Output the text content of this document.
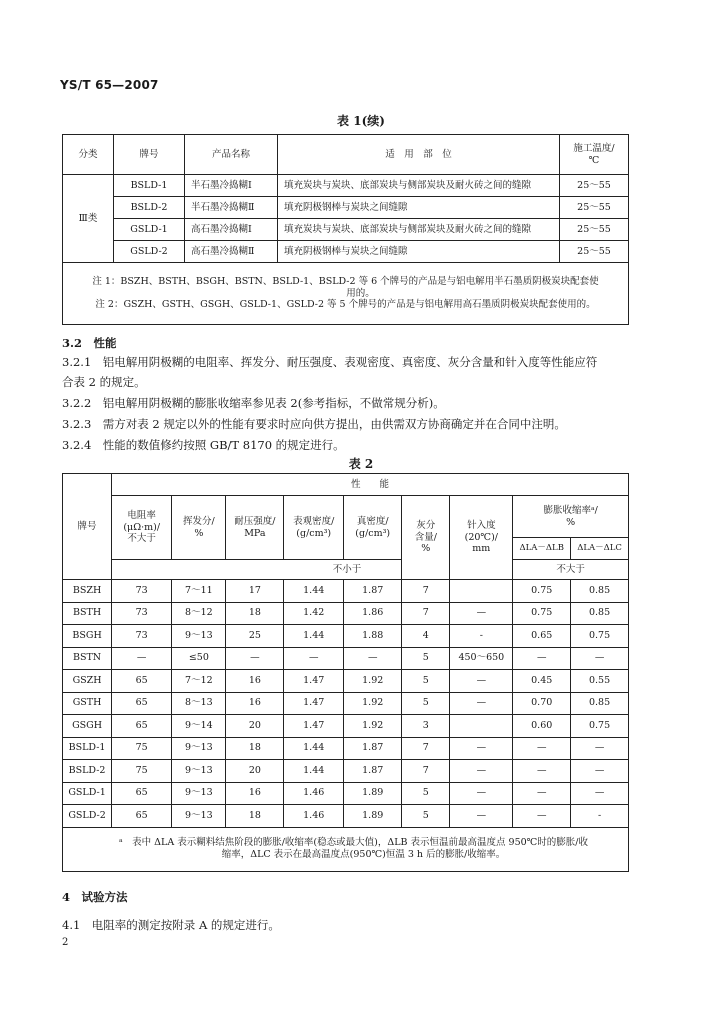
YS/T 65—2007
表 1(续)
分类	牌号	产品名称	适　用　部　位	施工温度/
℃
Ⅲ类	BSLD-1	半石墨冷捣糊Ⅰ	填充炭块与炭块、底部炭块与侧部炭块及耐火砖之间的缝隙	25～55
	BSLD-2	半石墨冷捣糊Ⅱ	填充阴极钢棒与炭块之间缝隙	25～55
	GSLD-1	高石墨冷捣糊Ⅰ	填充炭块与炭块、底部炭块与侧部炭块及耐火砖之间的缝隙	25～55
	GSLD-2	高石墨冷捣糊Ⅱ	填充阴极钢棒与炭块之间缝隙	25～55

注 1：BSZH、BSTH、BSGH、BSTN、BSLD-1、BSLD-2 等 6 个牌号的产品是与铝电解用半石墨质阴极炭块配套使
用的。
注 2：GSZH、GSTH、GSGH、GSLD-1、GSLD-2 等 5 个牌号的产品是与铝电解用高石墨质阴极炭块配套使用的。				
3.2　性能
3.2.1　铝电解用阴极糊的电阻率、挥发分、耐压强度、表观密度、真密度、灰分含量和针入度等性能应符
合表 2 的规定。
3.2.2　铝电解用阴极糊的膨胀收缩率参见表 2(参考指标，不做常规分析)。
3.2.3　需方对表 2 规定以外的性能有要求时应向供方提出，由供需双方协商确定并在合同中注明。
3.2.4　性能的数值修约按照 GB/T 8170 的规定进行。
表 2
牌号	性　　能								
	电阻率
(μΩ·m)/
不大于	挥发分/
%	耐压强度/
MPa	表观密度/
(g/cm³)	真密度/
(g/cm³)	灰分
含量/
%	针入度
(20℃)/
mm	膨胀收缩率ᵃ/
%	
								ΔLA－ΔLB	ΔLA－ΔLC
	不小于							不大于	
BSZH	73	7～11	17	1.44	1.87	7		0.75	0.85
BSTH	73	8～12	18	1.42	1.86	7	—	0.75	0.85
BSGH	73	9～13	25	1.44	1.88	4	-	0.65	0.75
BSTN	—	≤50	—	—	—	5	450～650	—	—
GSZH	65	7～12	16	1.47	1.92	5	—	0.45	0.55
GSTH	65	8～13	16	1.47	1.92	5	—	0.70	0.85
GSGH	65	9～14	20	1.47	1.92	3		0.60	0.75
BSLD-1	75	9～13	18	1.44	1.87	7	—	—	—
BSLD-2	75	9～13	20	1.44	1.87	7	—	—	—
GSLD-1	65	9～13	16	1.46	1.89	5	—	—	—
GSLD-2	65	9～13	18	1.46	1.89	5	—	—	-

ᵃ　表中 ΔLA 表示糊料结焦阶段的膨胀/收缩率(稳态或最大值)，ΔLB 表示恒温前最高温度点 950℃时的膨胀/收
缩率，ΔLC 表示在最高温度点(950℃)恒温 3 h 后的膨胀/收缩率。									
4　试验方法
4.1　电阻率的测定按附录 A 的规定进行。
2
